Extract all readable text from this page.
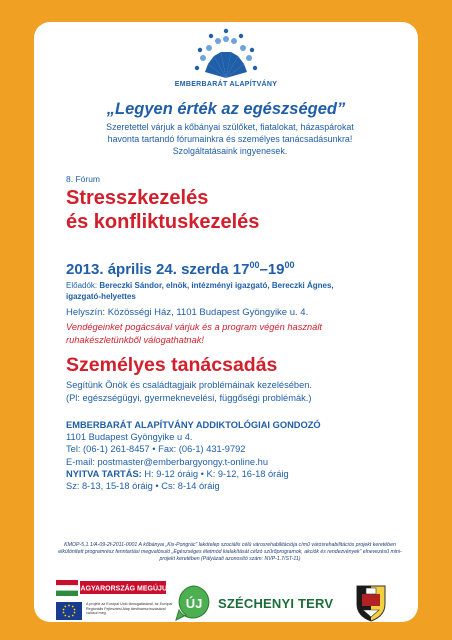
EMBERBARÁT ALAPÍTVÁNY
„Legyen érték az egészséged”
Szeretettel várjuk a kőbányai szülőket, fiatalokat, házaspárokat
havonta tartandó fórumainkra és személyes tanácsadásunkra!
Szolgáltatásaink ingyenesek.
8. Fórum
Stresszkezelés
és konfliktuskezelés
2013. április 24. szerda $17^{00}-19^{00}$
Előadók: Bereczki Sándor, elnök, intézményi igazgató, Bereczki Ágnes,
igazgató-helyettes
Helyszín: Közösségi Ház, 1101 Budapest Gyöngyike u. 4.
Vendégeinket pogácsával várjuk és a program végén használt
ruhakészletünkből válogathatnak!
Személyes tanácsadás
Segítünk Önök és családtagjaik problémáinak kezelésében.
(Pl: egészségügyi, gyermeknevelési, függőségi problémák.)
EMBERBARÁT ALAPÍTVÁNY ADDIKTOLÓGIAI GONDOZÓ
1101 Budapest Gyöngyike u 4.
Tel: (06-1) 261-8457 • Fax: (06-1) 431-9792
E-mail: postmaster@emberbargyongy.t-online.hu
NYITVA TARTÁS: H: 9-12 óráig • K: 9-12, 16-18 óráig
Sz: 8-13, 15-18 óráig • Cs: 8-14 óráig
KMOP-5.1.1/A-09-2f-2011-0001 A kőbányai „Kis-Pongrác” lakótelep szociális célú városrehabilitációja című városrehabilitációs projekt keretében elkülönített programrész fenntartási megvalósuló „Egészséges életmód kialakítását célzó szűrőprogramok, akciók és rendezvények” elnevezésű mini-projekt keretében (Pályázati azonosító szám: NVP-1.7/ST-11)
MAGYARORSZÁG MEGÚJUL
A projekt az Európai Unió támogatásával, az Európai Regionális Fejlesztési Alap társfinanszírozásával valósul meg.
ÚJ SZÉCHENYI TERV
